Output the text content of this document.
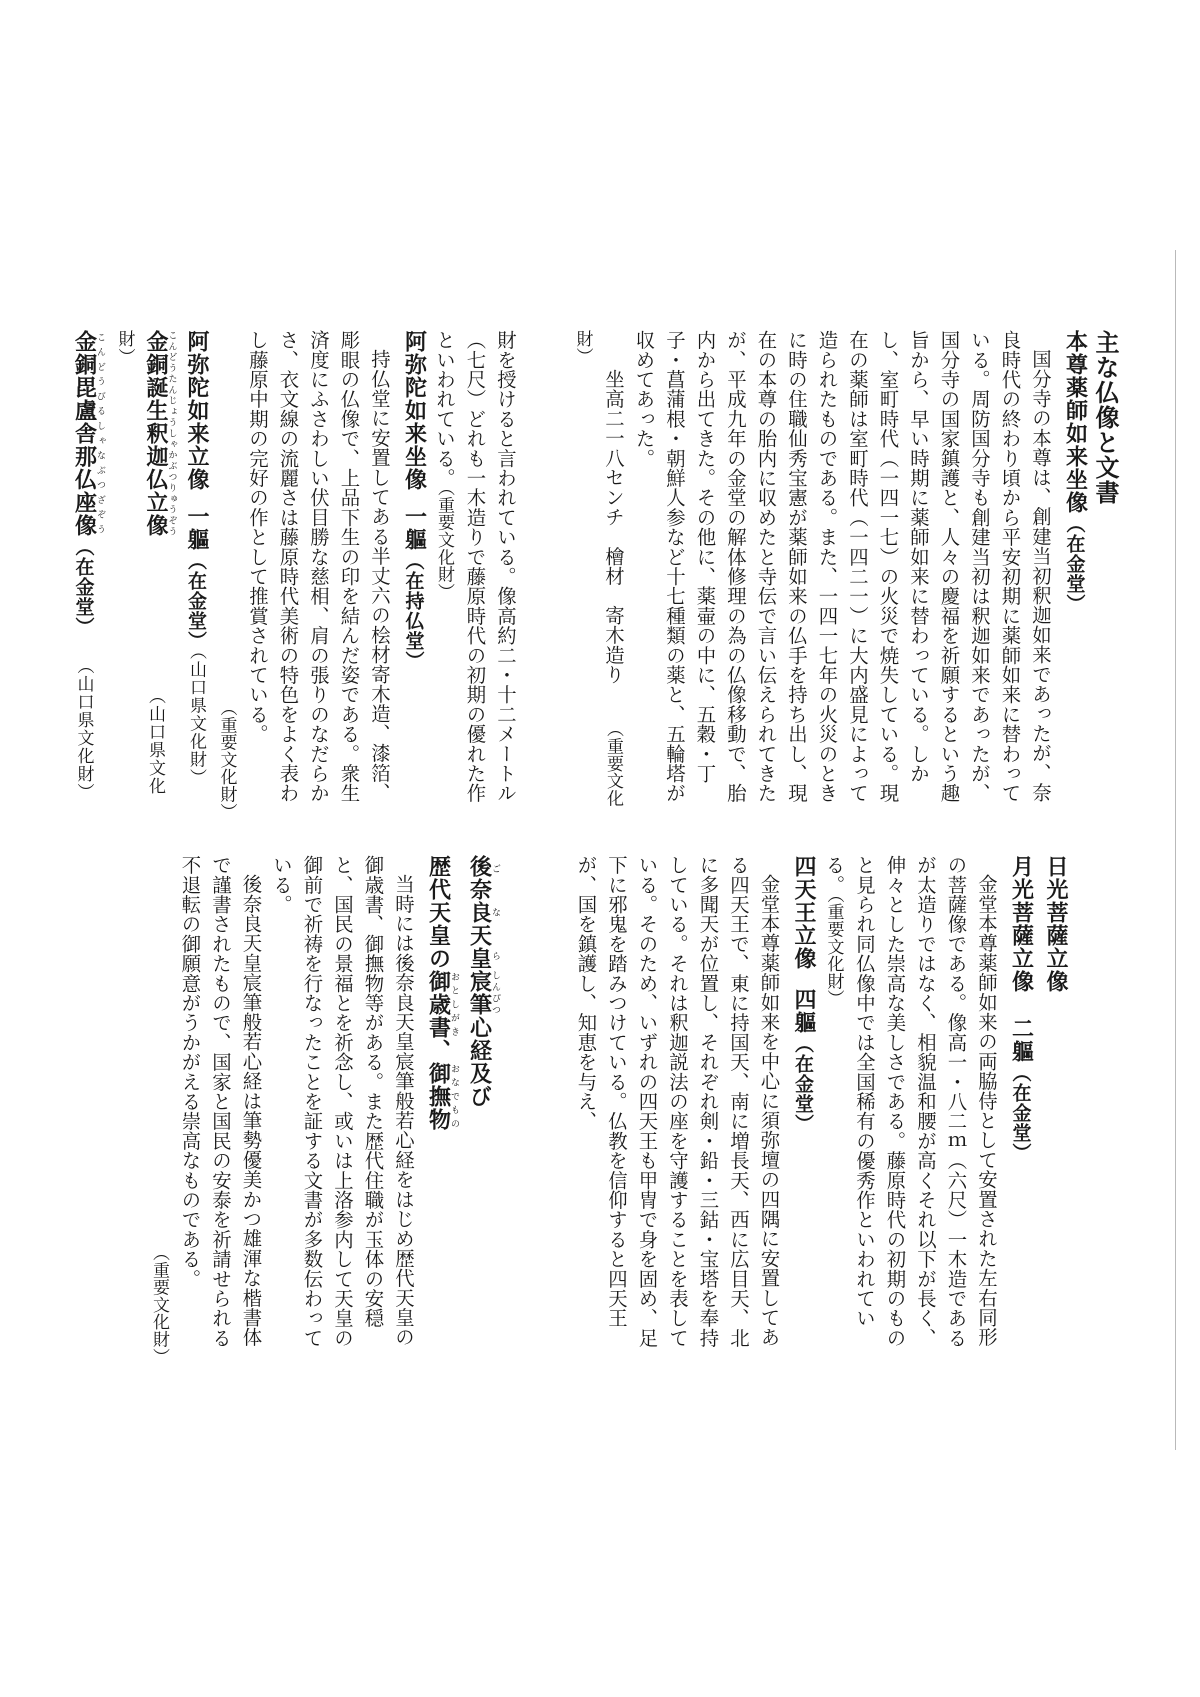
主な仏像と文書

本尊薬師如来坐像（在金堂）

国分寺の本尊は、創建当初釈迦如来であったが、奈良時代の終わり頃から平安初期に薬師如来に替わっている。周防国分寺も創建当初は釈迦如来であったが、国分寺の国家鎮護と、人々の慶福を祈願するという趣旨から、早い時期に薬師如来に替わっている。しかし、室町時代（一四一七）の火災で焼失している。現在の薬師は室町時代（一四二一）に大内盛見によって造られたものである。また、一四一七年の火災のときに時の住職仙秀宝憲が薬師如来の仏手を持ち出し、現在の本尊の胎内に収めたと寺伝で言い伝えられてきたが、平成九年の金堂の解体修理の為の仏像移動で、胎内から出てきた。その他に、薬壷の中に、五穀・丁子・菖蒲根・朝鮮人参など十七種類の薬と、五輪塔が収めてあった。

坐高二一八センチ　檜材　寄木造り（重要文化財）

財を授けると言われている。像高約二・十二メートル（七尺）どれも一木造りで藤原時代の初期の優れた作といわれている。（重要文化財）

阿弥陀如来坐像一軀（在持仏堂）

持仏堂に安置してある半丈六の桧材寄木造、漆箔、彫眼の仏像で、上品下生の印を結んだ姿である。衆生済度にふさわしい伏目勝な慈相、肩の張りのなだらかさ、衣文線の流麗さは藤原時代美術の特色をよく表わし藤原中期の完好の作として推賞されている。

（重要文化財）

阿弥陀如来立像一軀（在金堂）（山口県文化財）

金銅誕生釈迦仏立像こんどうたんじょうしゃかぶつりゅうぞう（山口県文化財）

金銅毘盧舎那仏座像こんどうびるしゃなぶつざぞう（在金堂）（山口県文化財）

日光菩薩立像

月光菩薩立像二軀（在金堂）

金堂本尊薬師如来の両脇侍として安置された左右同形の菩薩像である。像高一・八二ｍ（六尺）一木造であるが太造りではなく、相貌温和腰が高くそれ以下が長く、伸々とした崇高な美しさである。藤原時代の初期のものと見られ同仏像中では全国稀有の優秀作といわれている。（重要文化財）

四天王立像四軀（在金堂）

金堂本尊薬師如来を中心に須弥壇の四隅に安置してある四天王で、東に持国天、南に増長天、西に広目天、北に多聞天が位置し、それぞれ剣・鉛・三鈷・宝塔を奉持している。それは釈迦説法の座を守護することを表している。そのため、いずれの四天王も甲冑で身を固め、足下に邪鬼を踏みつけている。仏教を信仰すると四天王が、国を鎮護し、知恵を与え、

後奈良天皇ごなら宸筆しんぴつ心経及び

歴代天皇の御歳書おとしがき、御撫物おなでもの

当時には後奈良天皇宸筆般若心経をはじめ歴代天皇の御歳書、御撫物等がある。また歴代住職が玉体の安穏と、国民の景福とを祈念し、或いは上洛参内して天皇の御前で祈祷を行なったことを証する文書が多数伝わっている。

後奈良天皇宸筆般若心経は筆勢優美かつ雄渾な楷書体で謹書されたもので、国家と国民の安泰を祈請せられる不退転の御願意がうかがえる崇高なものである。

（重要文化財）
